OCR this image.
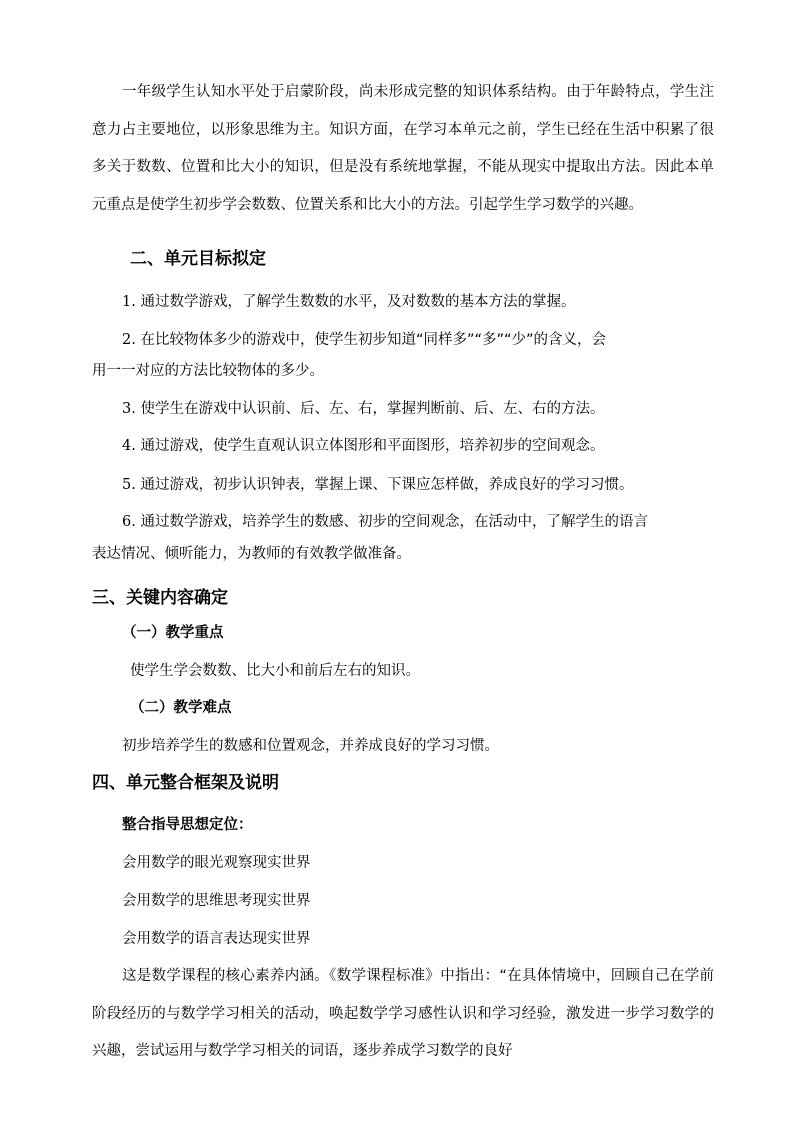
一年级学生认知水平处于启蒙阶段，尚未形成完整的知识体系结构。由于年龄特点，学生注意力占主要地位，以形象思维为主。知识方面，在学习本单元之前，学生已经在生活中积累了很多关于数数、位置和比大小的知识，但是没有系统地掌握，不能从现实中提取出方法。因此本单元重点是使学生初步学会数数、位置关系和比大小的方法。引起学生学习数学的兴趣。
二、单元目标拟定
1. 通过数学游戏，了解学生数数的水平，及对数数的基本方法的掌握。
2. 在比较物体多少的游戏中，使学生初步知道“同样多”“多”“少”的含义，会
用一一对应的方法比较物体的多少。
3. 使学生在游戏中认识前、后、左、右，掌握判断前、后、左、右的方法。
4. 通过游戏，使学生直观认识立体图形和平面图形，培养初步的空间观念。
5. 通过游戏，初步认识钟表，掌握上课、下课应怎样做，养成良好的学习习惯。
6. 通过数学游戏，培养学生的数感、初步的空间观念，在活动中，了解学生的语言
表达情况、倾听能力，为教师的有效教学做准备。
三、关键内容确定
（一）教学重点
使学生学会数数、比大小和前后左右的知识。
（二）教学难点
初步培养学生的数感和位置观念，并养成良好的学习习惯。
四、单元整合框架及说明
整合指导思想定位：
会用数学的眼光观察现实世界
会用数学的思维思考现实世界
会用数学的语言表达现实世界
这是数学课程的核心素养内涵。《数学课程标准》中指出：“在具体情境中，回顾自己在学前阶段经历的与数学学习相关的活动，唤起数学学习感性认识和学习经验，激发进一步学习数学的兴趣，尝试运用与数学学习相关的词语，逐步养成学习数学的良好
